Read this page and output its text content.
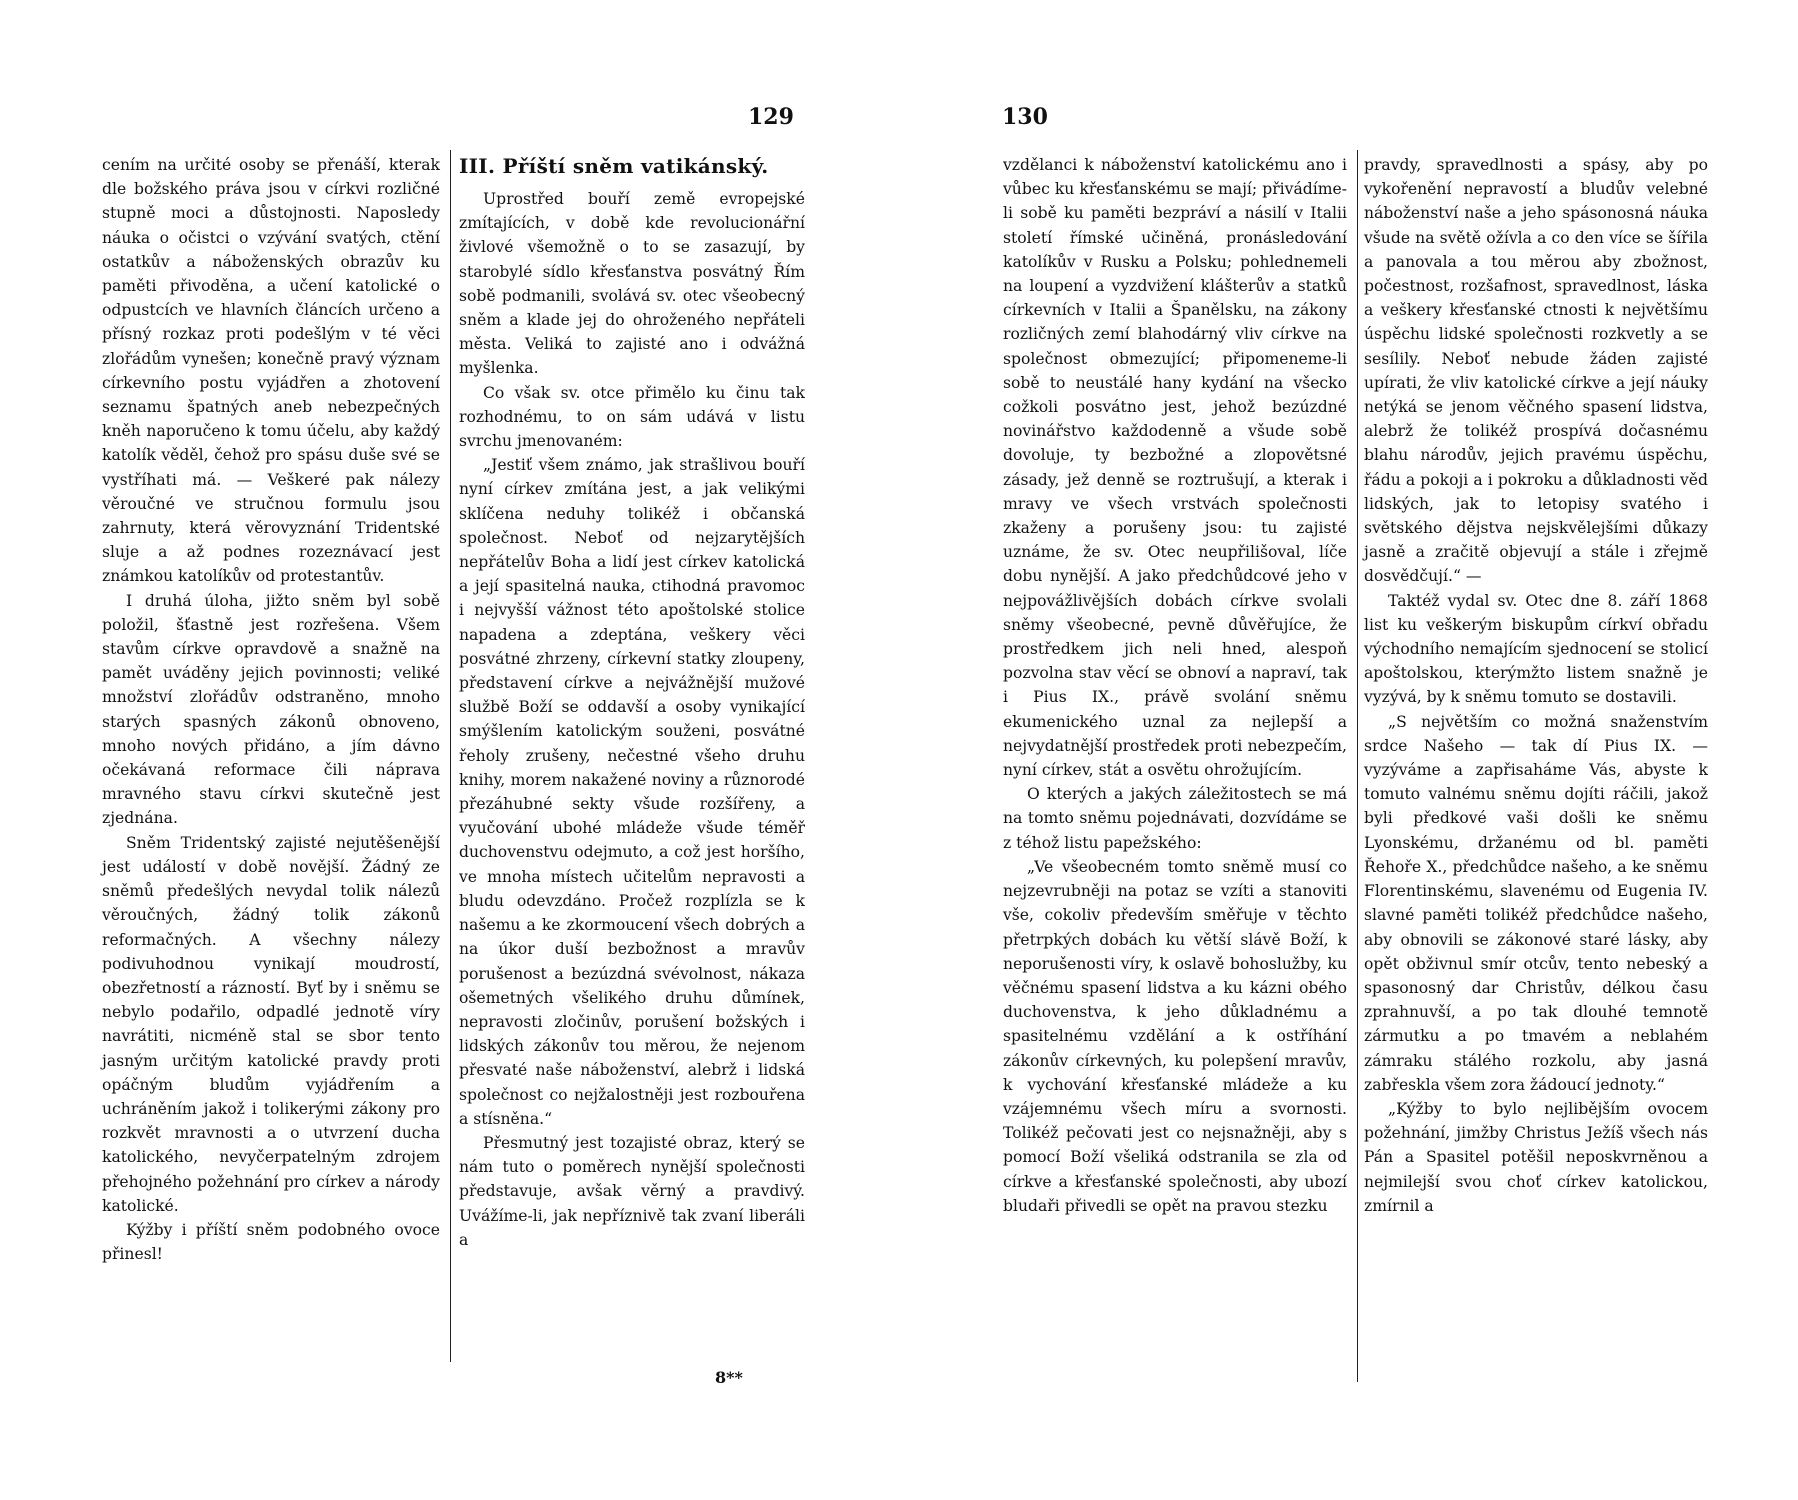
129

cením na určité osoby se přenáší, kterak dle božského práva jsou v církvi rozličné stupně moci a důstojnosti. Naposledy náuka o očistci o vzývání svatých, ctění ostatkův a náboženských obrazův ku paměti přivoděna, a učení katolické o odpustcích ve hlavních článcích určeno a přísný rozkaz proti podešlým v té věci zlořádům vynešen; konečně pravý význam církevního postu vyjádřen a zhotovení seznamu špatných aneb nebezpečných kněh naporučeno k tomu účelu, aby každý katolík věděl, čehož pro spásu duše své se vystříhati má. — Veškeré pak nálezy věroučné ve stručnou formulu jsou zahrnuty, která věrovyznání Tridentské sluje a až podnes rozeznávací jest známkou katolíkův od protestantův.

I druhá úloha, jižto sněm byl sobě položil, šťastně jest rozřešena. Všem stavům církve opravdově a snažně na pamět uváděny jejich povinnosti; veliké množství zlořádův odstraněno, mnoho starých spasných zákonů obnoveno, mnoho nových přidáno, a jím dávno očekávaná reformace čili náprava mravného stavu církvi skutečně jest zjednána.

Sněm Tridentský zajisté nejutěšenější jest událostí v době novější. Žádný ze sněmů předešlých nevydal tolik nálezů věroučných, žádný tolik zákonů reformačných. A všechny nálezy podivuhodnou vynikají moudrostí, obezřetností a rázností. Byť by i sněmu se nebylo podařilo, odpadlé jednotě víry navrátiti, nicméně stal se sbor tento jasným určitým katolické pravdy proti opáčným bludům vyjádřením a uchráněním jakož i tolikerými zákony pro rozkvět mravnosti a o utvrzení ducha katolického, nevyčerpatelným zdrojem přehojného požehnání pro církev a národy katolické.

Kýžby i příští sněm podobného ovoce přinesl!

III. Příští sněm vatikánský.

Uprostřed bouří země evropejské zmítajících, v době kde revolucionářní živlové všemožně o to se zasazují, by starobylé sídlo křesťanstva posvátný Řím sobě podmanili, svolává sv. otec všeobecný sněm a klade jej do ohroženého nepřáteli města. Veliká to zajisté ano i odvážná myšlenka.

Co však sv. otce přimělo ku činu tak rozhodnému, to on sám udává v listu svrchu jmenovaném:

„Jestiť všem známo, jak strašlivou bouří nyní církev zmítána jest, a jak velikými sklíčena neduhy tolikéž i občanská společnost. Neboť od nejzarytějších nepřátelův Boha a lidí jest církev katolická a její spasitelná nauka, ctihodná pravomoc i nejvyšší vážnost této apoštolské stolice napadena a zdeptána, veškery věci posvátné zhrzeny, církevní statky zloupeny, představení církve a nejvážnější mužové službě Boží se oddavší a osoby vynikající smýšlením katolickým souženi, posvátné řeholy zrušeny, nečestné všeho druhu knihy, morem nakažené noviny a různorodé přezáhubné sekty všude rozšířeny, a vyučování ubohé mládeže všude téměř duchovenstvu odejmuto, a což jest horšího, ve mnoha místech učitelům nepravosti a bludu odevzdáno. Pročež rozplízla se k našemu a ke zkormoucení všech dobrých a na úkor duší bezbožnost a mravův porušenost a bezúzdná svévolnost, nákaza ošemetných všelikého druhu důmínek, nepravosti zločinův, porušení božských i lidských zákonův tou měrou, že nejenom přesvaté naše náboženství, alebrž i lidská společnost co nejžalostněji jest rozbouřena a stísněna.“

Přesmutný jest tozajisté obraz, který se nám tuto o poměrech nynější společnosti představuje, avšak věrný a pravdivý. Uvážíme-li, jak nepříznivě tak zvaní liberáli a

8**
130

vzdělanci k náboženství katolickému ano i vůbec ku křesťanskému se mají; přivádíme-li sobě ku paměti bezpráví a násilí v Italii století římské učiněná, pronásledování katolíkův v Rusku a Polsku; pohlednemeli na loupení a vyzdvižení klášterův a statků církevních v Italii a Španělsku, na zákony rozličných zemí blahodárný vliv církve na společnost obmezující; připomeneme-li sobě to neustálé hany kydání na všecko cožkoli posvátno jest, jehož bezúzdné novinářstvo každodenně a všude sobě dovoluje, ty bezbožné a zlopovětsné zásady, jež denně se roztrušují, a kterak i mravy ve všech vrstvách společnosti zkaženy a porušeny jsou: tu zajisté uznáme, že sv. Otec neupřilišoval, líče dobu nynější. A jako předchůdcové jeho v nejpovážlivějších dobách církve svolali sněmy všeobecné, pevně důvěřujíce, že prostředkem jich neli hned, alespoň pozvolna stav věcí se obnoví a napraví, tak i Pius IX., právě svolání sněmu ekumenického uznal za nejlepší a nejvydatnější prostředek proti nebezpečím, nyní církev, stát a osvětu ohrožujícím.

O kterých a jakých záležitostech se má na tomto sněmu pojednávati, dozvídáme se z téhož listu papežského:

„Ve všeobecném tomto sněmě musí co nejzevrubněji na potaz se vzíti a stanoviti vše, cokoliv především směřuje v těchto přetrpkých dobách ku větší slávě Boží, k neporušenosti víry, k oslavě bohoslužby, ku věčnému spasení lidstva a ku kázni obého duchovenstva, k jeho důkladnému a spasitelnému vzdělání a k ostříhání zákonův církevných, ku polepšení mravův, k vychování křesťanské mládeže a ku vzájemnému všech míru a svornosti. Tolikéž pečovati jest co nejsnažněji, aby s pomocí Boží všeliká odstranila se zla od církve a křesťanské společnosti, aby ubozí bludaři přivedli se opět na pravou stezku

pravdy, spravedlnosti a spásy, aby po vykořenění nepravostí a bludův velebné náboženství naše a jeho spásonosná náuka všude na světě ožívla a co den více se šířila a panovala a tou měrou aby zbožnost, počestnost, rozšafnost, spravedlnost, láska a veškery křesťanské ctnosti k největšímu úspěchu lidské společnosti rozkvetly a se sesílily. Neboť nebude žáden zajisté upírati, že vliv katolické církve a její náuky netýká se jenom věčného spasení lidstva, alebrž že tolikéž prospívá dočasnému blahu národův, jejich pravému úspěchu, řádu a pokoji a i pokroku a důkladnosti věd lidských, jak to letopisy svatého i světského dějstva nejskvělejšími důkazy jasně a zračitě objevují a stále i zřejmě dosvědčují.“ —

Taktéž vydal sv. Otec dne 8. září 1868 list ku veškerým biskupům církví obřadu východního nemajícím sjednocení se stolicí apoštolskou, kterýmžto listem snažně je vyzývá, by k sněmu tomuto se dostavili.

„S největším co možná snaženstvím srdce Našeho — tak dí Pius IX. — vyzýváme a zapřisaháme Vás, abyste k tomuto valnému sněmu dojíti ráčili, jakož byli předkové vaši došli ke sněmu Lyonskému, držanému od bl. paměti Řehoře X., předchůdce našeho, a ke sněmu Florentinskému, slavenému od Eugenia IV. slavné paměti tolikéž předchůdce našeho, aby obnovili se zákonové staré lásky, aby opět obživnul smír otcův, tento nebeský a spasonosný dar Christův, délkou času zprahnuvší, a po tak dlouhé temnotě zármutku a po tmavém a neblahém zámraku stálého rozkolu, aby jasná zabřeskla všem zora žádoucí jednoty.“

„Kýžby to bylo nejlibějším ovocem požehnání, jimžby Christus Ježíš všech nás Pán a Spasitel potěšil neposkvrněnou a nejmilejší svou choť církev katolickou, zmírnil a
